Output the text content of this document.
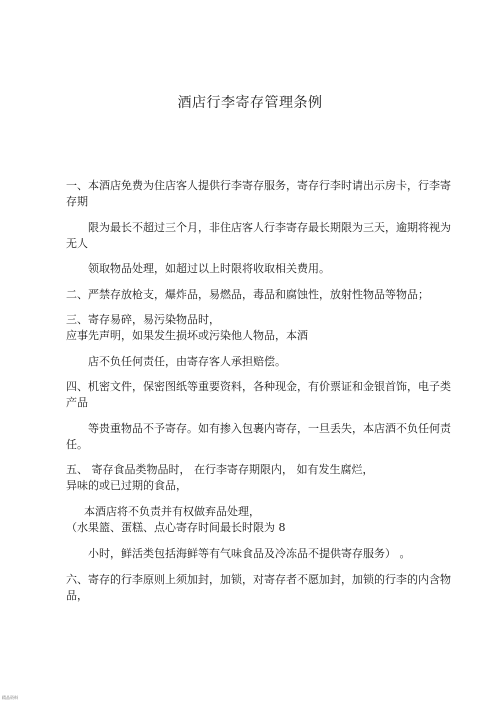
酒店行李寄存管理条例

一、本酒店免费为住店客人提供行李寄存服务，寄存行李时请出示房卡，行李寄

存期

限为最长不超过三个月，非住店客人行李寄存最长期限为三天，逾期将视为

无人

领取物品处理，如超过以上时限将收取相关费用。

二、严禁存放枪支，爆炸品，易燃品，毒品和腐蚀性，放射性物品等物品；

三、寄存易碎，易污染物品时，

应事先声明，如果发生损坏或污染他人物品，本酒

店不负任何责任，由寄存客人承担赔偿。

四、机密文件，保密图纸等重要资料，各种现金，有价票证和金银首饰，电子类

产品

等贵重物品不予寄存。如有掺入包裹内寄存，一旦丢失，本店酒不负任何责

任。

五、 寄存食品类物品时， 在行李寄存期限内， 如有发生腐烂，

异味的或已过期的食品，

本酒店将不负责并有权做弃品处理，

（水果篮、蛋糕、点心寄存时间最长时限为 8

小时，鲜活类包括海鲜等有气味食品及冷冻品不提供寄存服务） 。

六、寄存的行李原则上须加封，加锁，对寄存者不愿加封，加锁的行李的内含物

品，

精品资料
